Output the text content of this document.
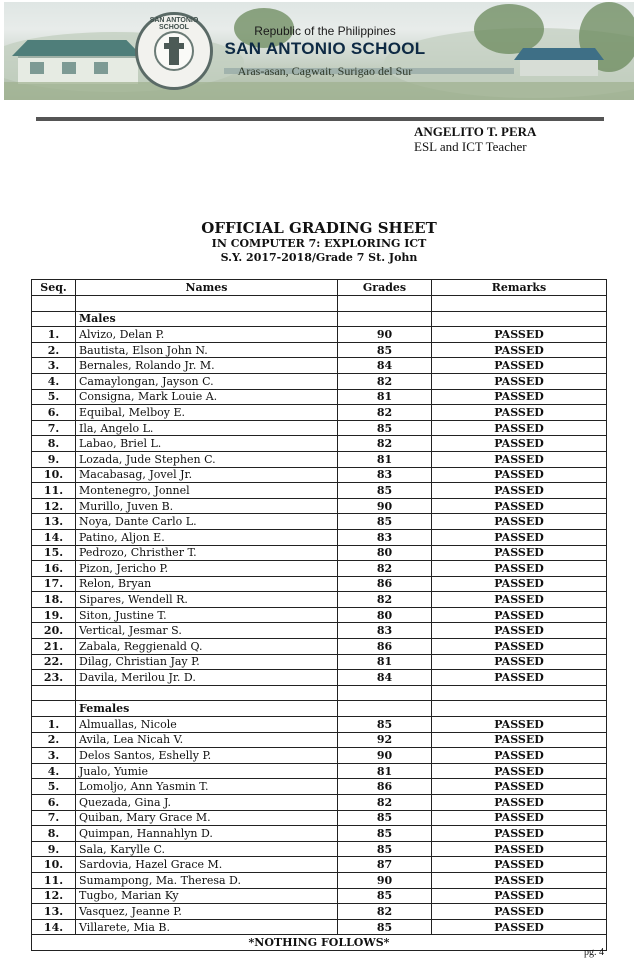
SAN ANTONIO SCHOOL	Republic of the Philippines
SAN ANTONIO SCHOOL
Aras-asan, Cagwait, Surigao del Sur
ANGELITO T. PERA
ESL and ICT Teacher
OFFICIAL GRADING SHEET
IN COMPUTER 7: EXPLORING ICT
S.Y. 2017-2018/Grade 7 St. John
Seq.	Names	Grades	Remarks

	Males		
1.	Alvizo, Delan P.	90	PASSED
2.	Bautista, Elson John N.	85	PASSED
3.	Bernales, Rolando Jr. M.	84	PASSED
4.	Camaylongan, Jayson C.	82	PASSED
5.	Consigna, Mark Louie A.	81	PASSED
6.	Equibal, Melboy E.	82	PASSED
7.	Ila, Angelo L.	85	PASSED
8.	Labao, Briel L.	82	PASSED
9.	Lozada, Jude Stephen C.	81	PASSED
10.	Macabasag, Jovel Jr.	83	PASSED
11.	Montenegro, Jonnel	85	PASSED
12.	Murillo, Juven B.	90	PASSED
13.	Noya, Dante Carlo L.	85	PASSED
14.	Patino, Aljon E.	83	PASSED
15.	Pedrozo, Christher T.	80	PASSED
16.	Pizon, Jericho P.	82	PASSED
17.	Relon, Bryan	86	PASSED
18.	Sipares, Wendell R.	82	PASSED
19.	Siton, Justine T.	80	PASSED
20.	Vertical, Jesmar S.	83	PASSED
21.	Zabala, Reggienald Q.	86	PASSED
22.	Dilag, Christian Jay P.	81	PASSED
23.	Davila, Merilou Jr. D.	84	PASSED

	Females		
1.	Almuallas, Nicole	85	PASSED
2.	Avila, Lea Nicah V.	92	PASSED
3.	Delos Santos, Eshelly P.	90	PASSED
4.	Jualo, Yumie	81	PASSED
5.	Lomoljo, Ann Yasmin T.	86	PASSED
6.	Quezada, Gina J.	82	PASSED
7.	Quiban, Mary Grace M.	85	PASSED
8.	Quimpan, Hannahlyn D.	85	PASSED
9.	Sala, Karylle C.	85	PASSED
10.	Sardovia, Hazel Grace M.	87	PASSED
11.	Sumampong, Ma. Theresa D.	90	PASSED
12.	Tugbo, Marian Ky	85	PASSED
13.	Vasquez, Jeanne P.	82	PASSED
14.	Villarete, Mia B.	85	PASSED
*NOTHING FOLLOWS*			
pg. 4
